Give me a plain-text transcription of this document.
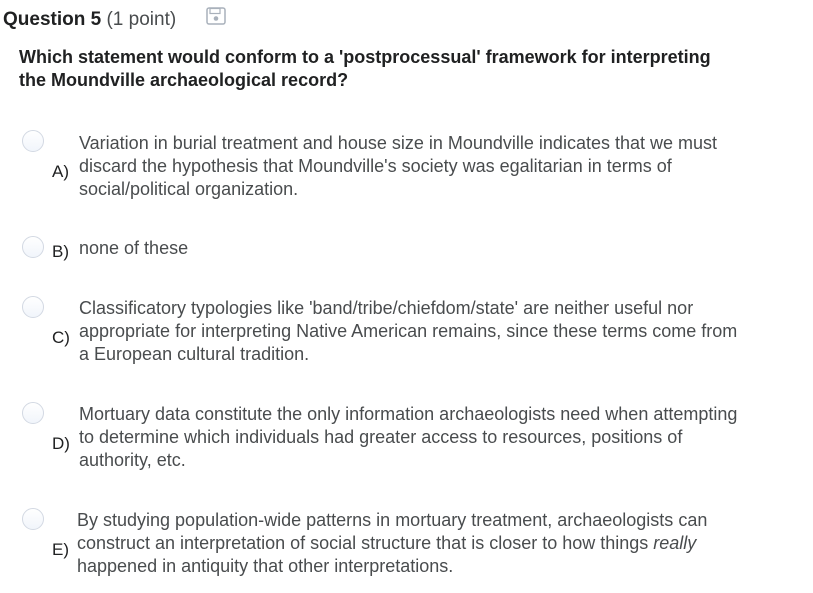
Question 5 (1 point)
Which statement would conform to a 'postprocessual' framework for interpreting the Moundville archaeological record?
A)
Variation in burial treatment and house size in Moundville indicates that we must discard the hypothesis that Moundville's society was egalitarian in terms of social/political organization.
B) none of these
C)
Classificatory typologies like 'band/tribe/chiefdom/state' are neither useful nor appropriate for interpreting Native American remains, since these terms come from a European cultural tradition.
D)
Mortuary data constitute the only information archaeologists need when attempting to determine which individuals had greater access to resources, positions of authority, etc.
E)
By studying population-wide patterns in mortuary treatment, archaeologists can construct an interpretation of social structure that is closer to how things really happened in antiquity that other interpretations.
